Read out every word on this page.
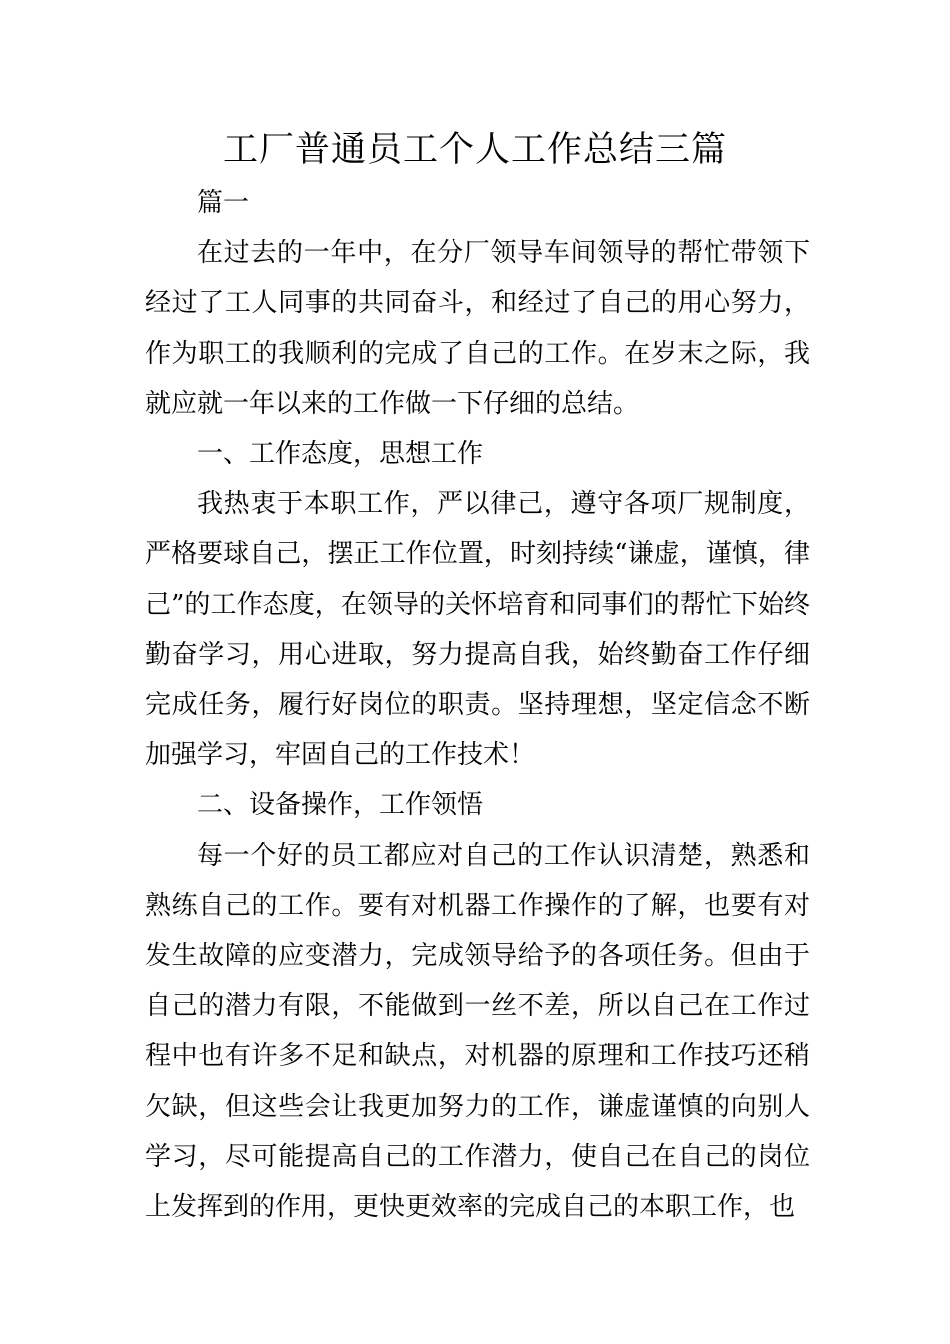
工厂普通员工个人工作总结三篇

篇一

在过去的一年中，在分厂领导车间领导的帮忙带领下经过了工人同事的共同奋斗，和经过了自己的用心努力，作为职工的我顺利的完成了自己的工作。在岁末之际，我就应就一年以来的工作做一下仔细的总结。

一、工作态度，思想工作

我热衷于本职工作，严以律己，遵守各项厂规制度，严格要球自己，摆正工作位置，时刻持续“谦虚，谨慎，律己”的工作态度，在领导的关怀培育和同事们的帮忙下始终勤奋学习，用心进取，努力提高自我，始终勤奋工作仔细完成任务，履行好岗位的职责。坚持理想，坚定信念不断加强学习，牢固自己的工作技术！

二、设备操作，工作领悟

每一个好的员工都应对自己的工作认识清楚，熟悉和熟练自己的工作。要有对机器工作操作的了解，也要有对发生故障的应变潜力，完成领导给予的各项任务。但由于自己的潜力有限，不能做到一丝不差，所以自己在工作过程中也有许多不足和缺点，对机器的原理和工作技巧还稍欠缺，但这些会让我更加努力的工作，谦虚谨慎的向别人学习，尽可能提高自己的工作潜力，使自己在自己的岗位上发挥到的作用，更快更效率的完成自己的本职工作，也
